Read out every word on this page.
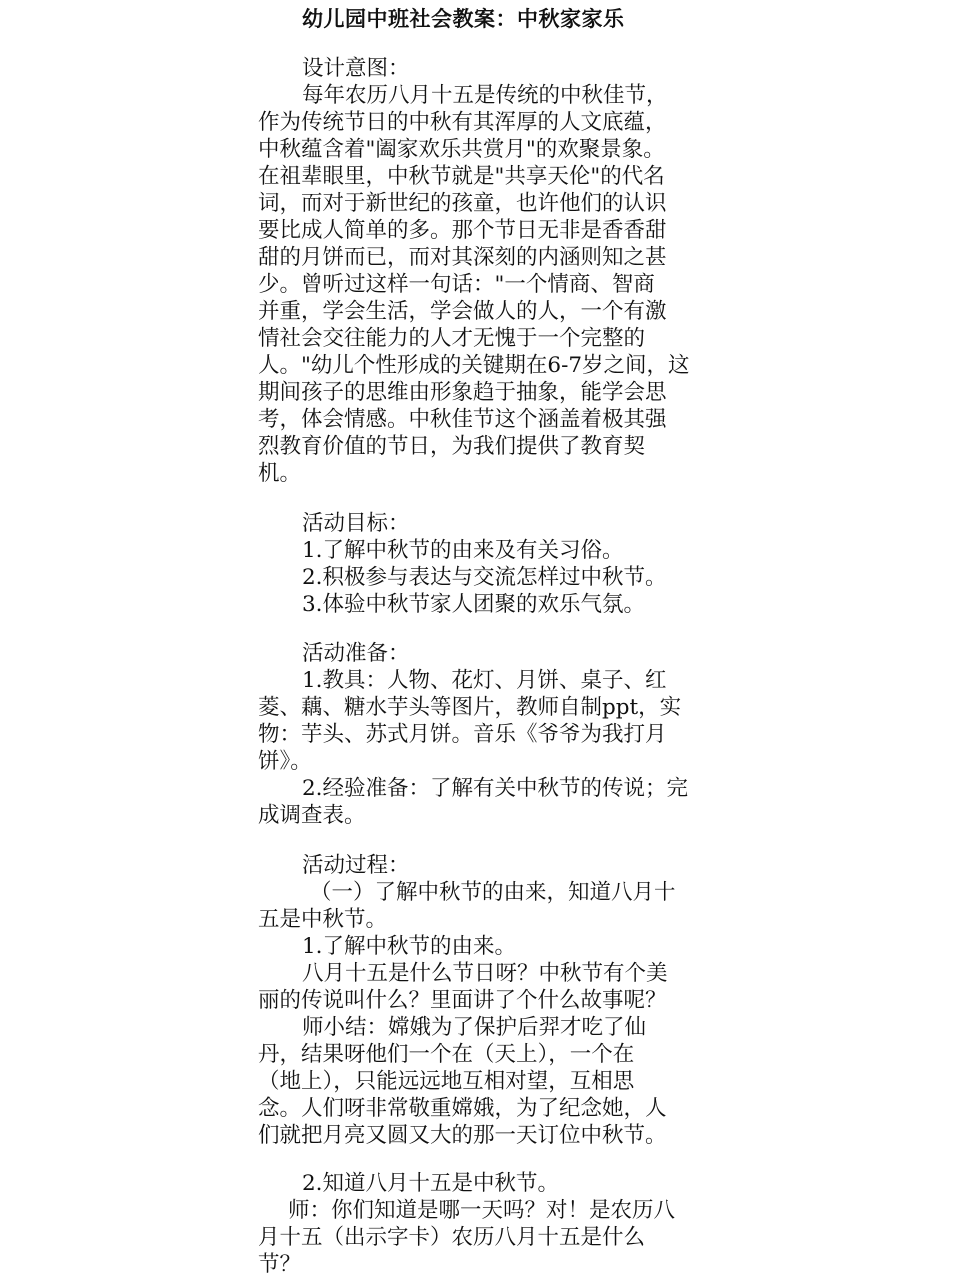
幼儿园中班社会教案：中秋家家乐
设计意图：
每年农历八月十五是传统的中秋佳节，
作为传统节日的中秋有其浑厚的人文底蕴，
中秋蕴含着"阖家欢乐共赏月"的欢聚景象。
在祖辈眼里，中秋节就是"共享天伦"的代名
词，而对于新世纪的孩童，也许他们的认识
要比成人简单的多。那个节日无非是香香甜
甜的月饼而已，而对其深刻的内涵则知之甚
少。曾听过这样一句话："一个情商、智商
并重，学会生活，学会做人的人，一个有激
情社会交往能力的人才无愧于一个完整的
人。"幼儿个性形成的关键期在6-7岁之间，这
期间孩子的思维由形象趋于抽象，能学会思
考，体会情感。中秋佳节这个涵盖着极其强
烈教育价值的节日，为我们提供了教育契
机。
活动目标：
1.了解中秋节的由来及有关习俗。
2.积极参与表达与交流怎样过中秋节。
3.体验中秋节家人团聚的欢乐气氛。
活动准备：
1.教具：人物、花灯、月饼、桌子、红
菱、藕、糖水芋头等图片，教师自制ppt，实
物：芋头、苏式月饼。音乐《爷爷为我打月
饼》。
2.经验准备：了解有关中秋节的传说；完
成调查表。
活动过程：
（一）了解中秋节的由来，知道八月十
五是中秋节。
1.了解中秋节的由来。
八月十五是什么节日呀？中秋节有个美
丽的传说叫什么？里面讲了个什么故事呢？
师小结：嫦娥为了保护后羿才吃了仙
丹，结果呀他们一个在（天上），一个在
（地上），只能远远地互相对望，互相思
念。人们呀非常敬重嫦娥，为了纪念她，人
们就把月亮又圆又大的那一天订位中秋节。
2.知道八月十五是中秋节。
师：你们知道是哪一天吗？对！是农历八
月十五（出示字卡）农历八月十五是什么
节？
